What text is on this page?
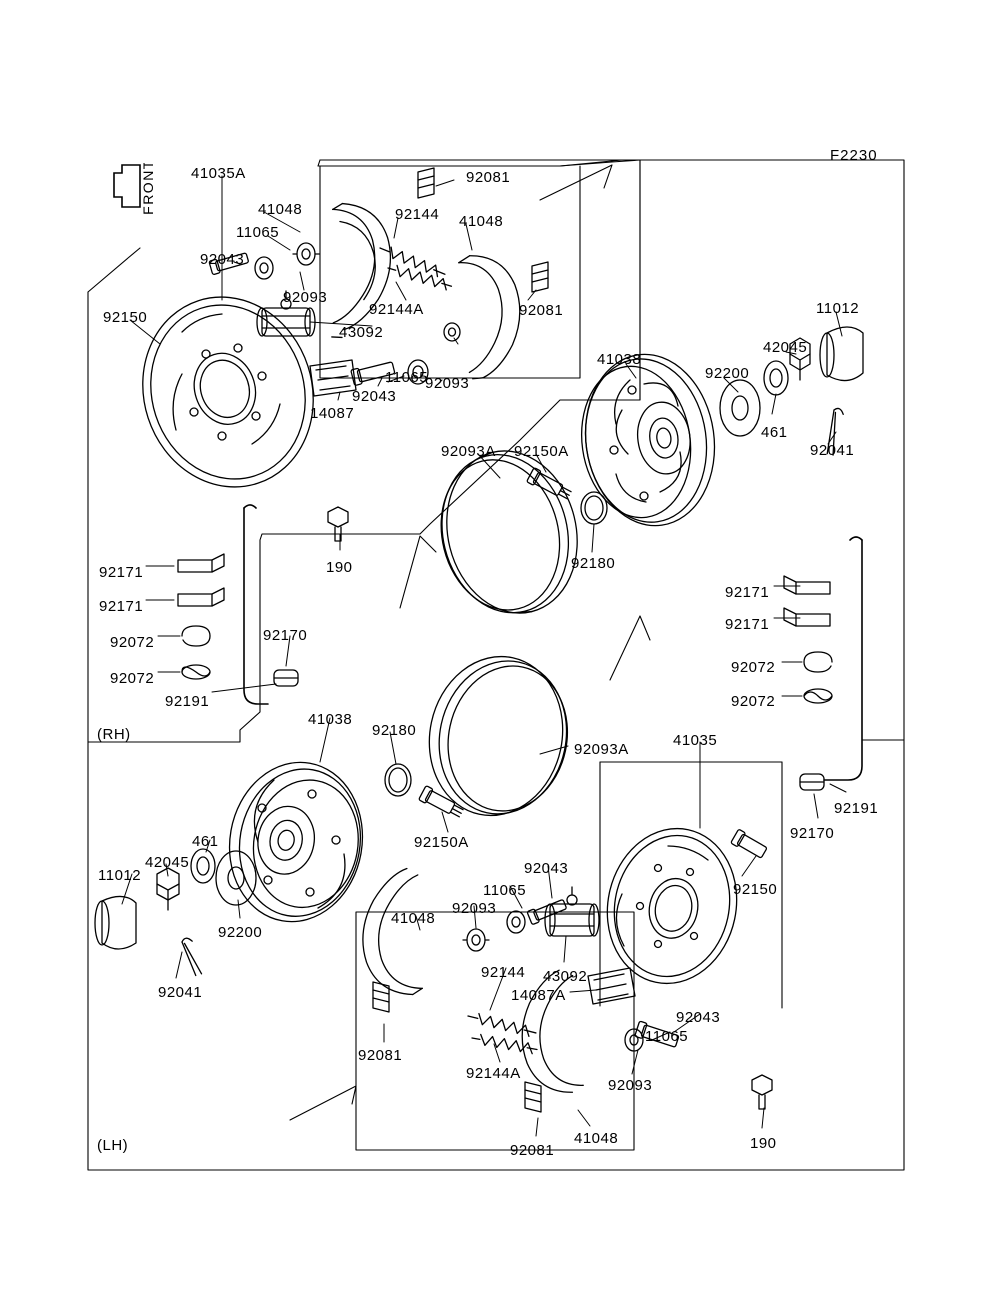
F2230
FRONT 41035A	92081
41048	92144 41048
11065
92043
92093
92144A	92081	11012
92150
43092
42045
41038
92200
92093
92043
11065
461
92041
14087
92093A 92150A
92180
92171
92171
92171
92171
190
92072	92170
92072
92072
92072
92191
41038
92180
92093A
41035
92191
92170
92150A
461
42045
92150
11012	92043
11065
92200
92093
41048
92041
92144 43092
14087A
92043
11065
92081
92144A
92093
41048
92081	190
(RH)
(LH)
